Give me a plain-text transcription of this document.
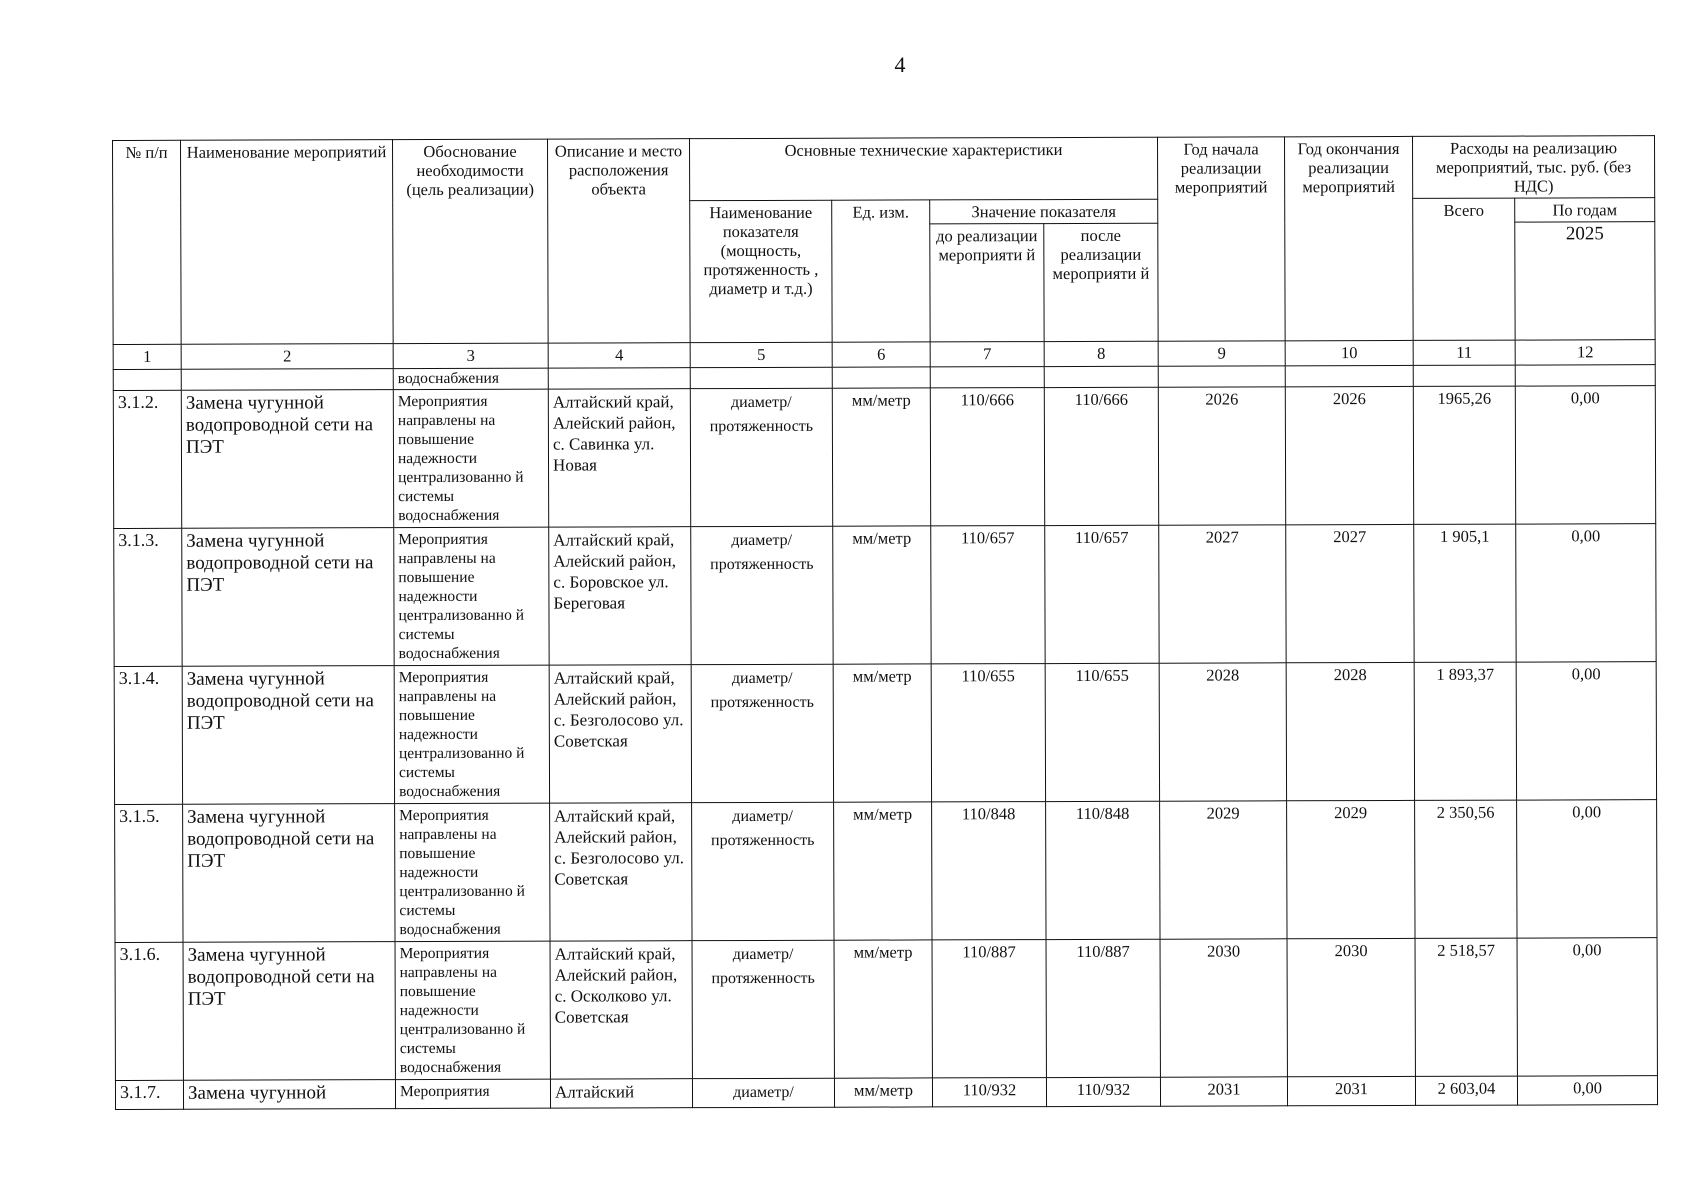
4
№ п/п	Наименование мероприятий	Обоснование необходимости (цель реализации)	Описание и место расположения объекта	Основные технические характеристики				Год начала реализации мероприятий	Год окончания реализации мероприятий	Расходы на реализацию мероприятий, тыс. руб. (без НДС)	
				Наименование показателя (мощность, протяженность , диаметр и т.д.)	Ед. изм.	Значение показателя				Всего	По годам
						до реализации мероприяти й	после реализации мероприяти й				2025
1	2	3	4	5	6	7	8	9	10	11	12
		водоснабжения									
3.1.2.	Замена чугунной водопроводной сети на ПЭТ	Мероприятия направлены на повышение надежности централизованно й системы водоснабжения	Алтайский край, Алейский район, с. Савинка ул. Новая	диаметр/ протяженность	мм/метр	110/666	110/666	2026	2026	1965,26	0,00
3.1.3.	Замена чугунной водопроводной сети на ПЭТ	Мероприятия направлены на повышение надежности централизованно й системы водоснабжения	Алтайский край, Алейский район, с. Боровское ул. Береговая	диаметр/ протяженность	мм/метр	110/657	110/657	2027	2027	1 905,1	0,00
3.1.4.	Замена чугунной водопроводной сети на ПЭТ	Мероприятия направлены на повышение надежности централизованно й системы водоснабжения	Алтайский край, Алейский район, с. Безголосово ул. Советская	диаметр/ протяженность	мм/метр	110/655	110/655	2028	2028	1 893,37	0,00
3.1.5.	Замена чугунной водопроводной сети на ПЭТ	Мероприятия направлены на повышение надежности централизованно й системы водоснабжения	Алтайский край, Алейский район, с. Безголосово ул. Советская	диаметр/ протяженность	мм/метр	110/848	110/848	2029	2029	2 350,56	0,00
3.1.6.	Замена чугунной водопроводной сети на ПЭТ	Мероприятия направлены на повышение надежности централизованно й системы водоснабжения	Алтайский край, Алейский район, с. Осколково ул. Советская	диаметр/ протяженность	мм/метр	110/887	110/887	2030	2030	2 518,57	0,00
3.1.7.	Замена чугунной	Мероприятия	Алтайский	диаметр/	мм/метр	110/932	110/932	2031	2031	2 603,04	0,00
